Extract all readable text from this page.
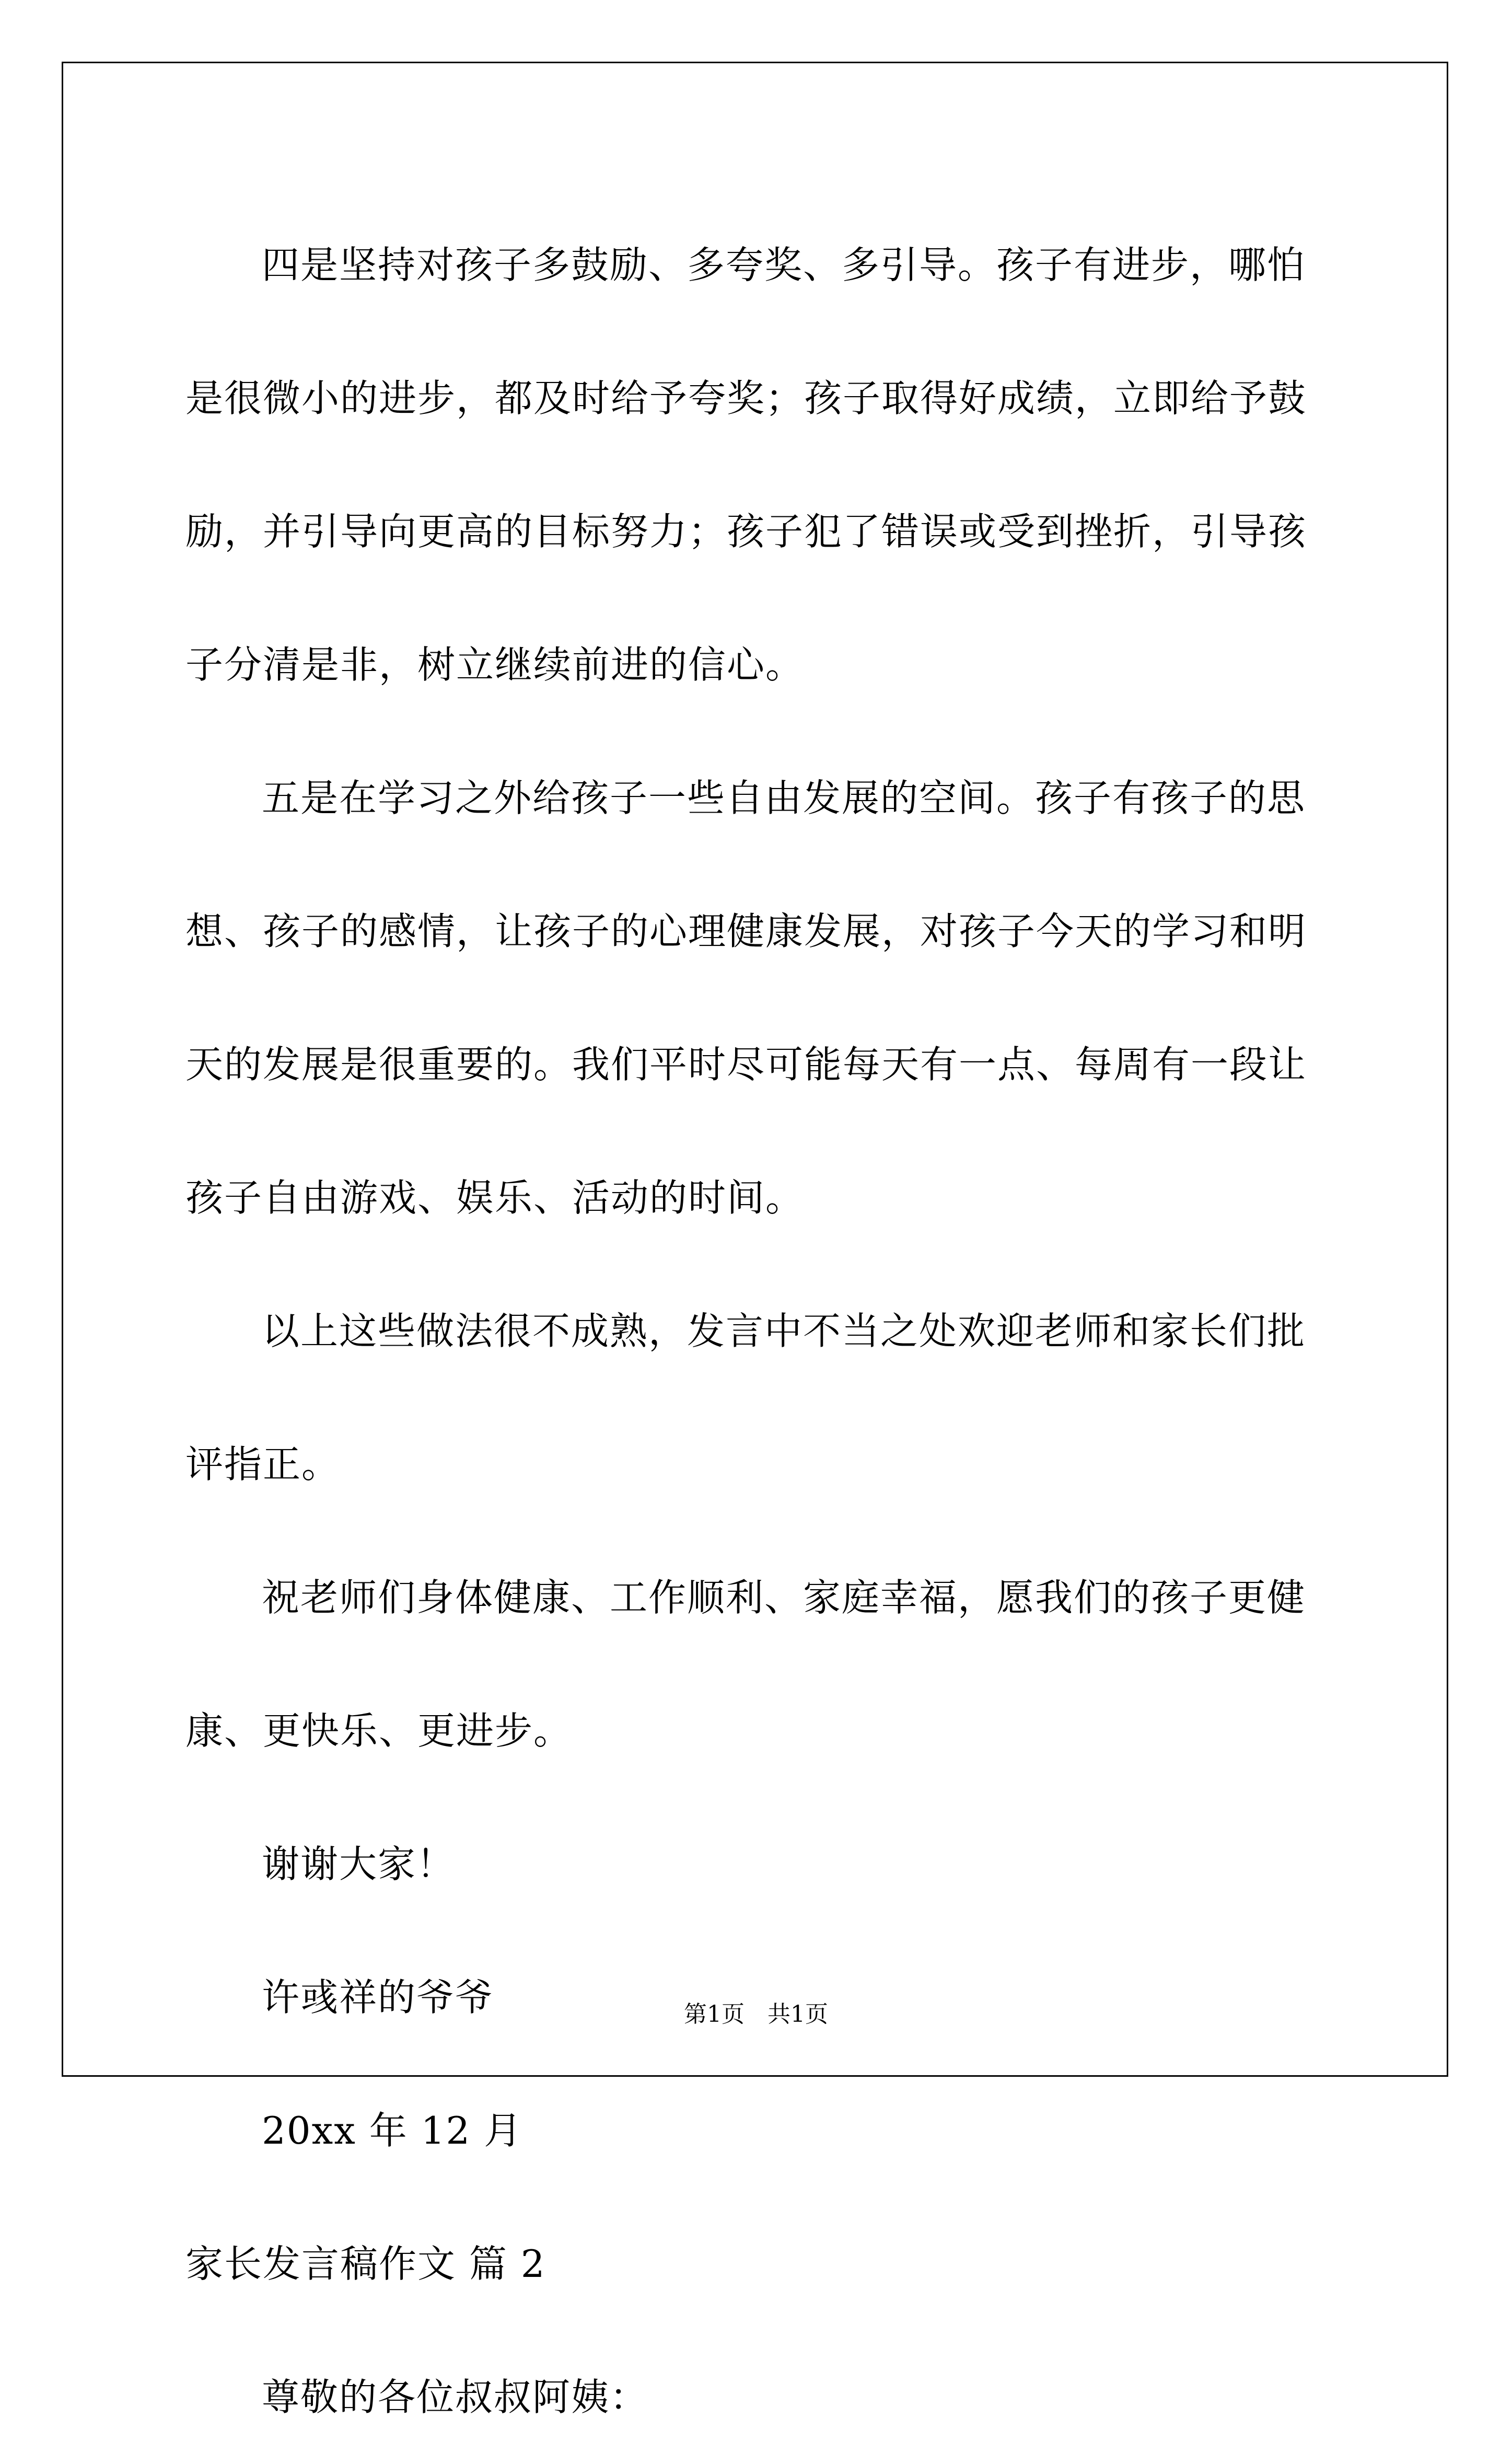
四是坚持对孩子多鼓励、多夸奖、多引导。孩子有进步，哪怕是很微小的进步，都及时给予夸奖；孩子取得好成绩，立即给予鼓励，并引导向更高的目标努力；孩子犯了错误或受到挫折，引导孩子分清是非，树立继续前进的信心。

五是在学习之外给孩子一些自由发展的空间。孩子有孩子的思想、孩子的感情，让孩子的心理健康发展，对孩子今天的学习和明天的发展是很重要的。我们平时尽可能每天有一点、每周有一段让孩子自由游戏、娱乐、活动的时间。

以上这些做法很不成熟，发言中不当之处欢迎老师和家长们批评指正。

祝老师们身体健康、工作顺利、家庭幸福，愿我们的孩子更健康、更快乐、更进步。

谢谢大家！

许彧祥的爷爷

20xx 年 12 月

家长发言稿作文 篇 2

尊敬的各位叔叔阿姨：

第1页　共1页
